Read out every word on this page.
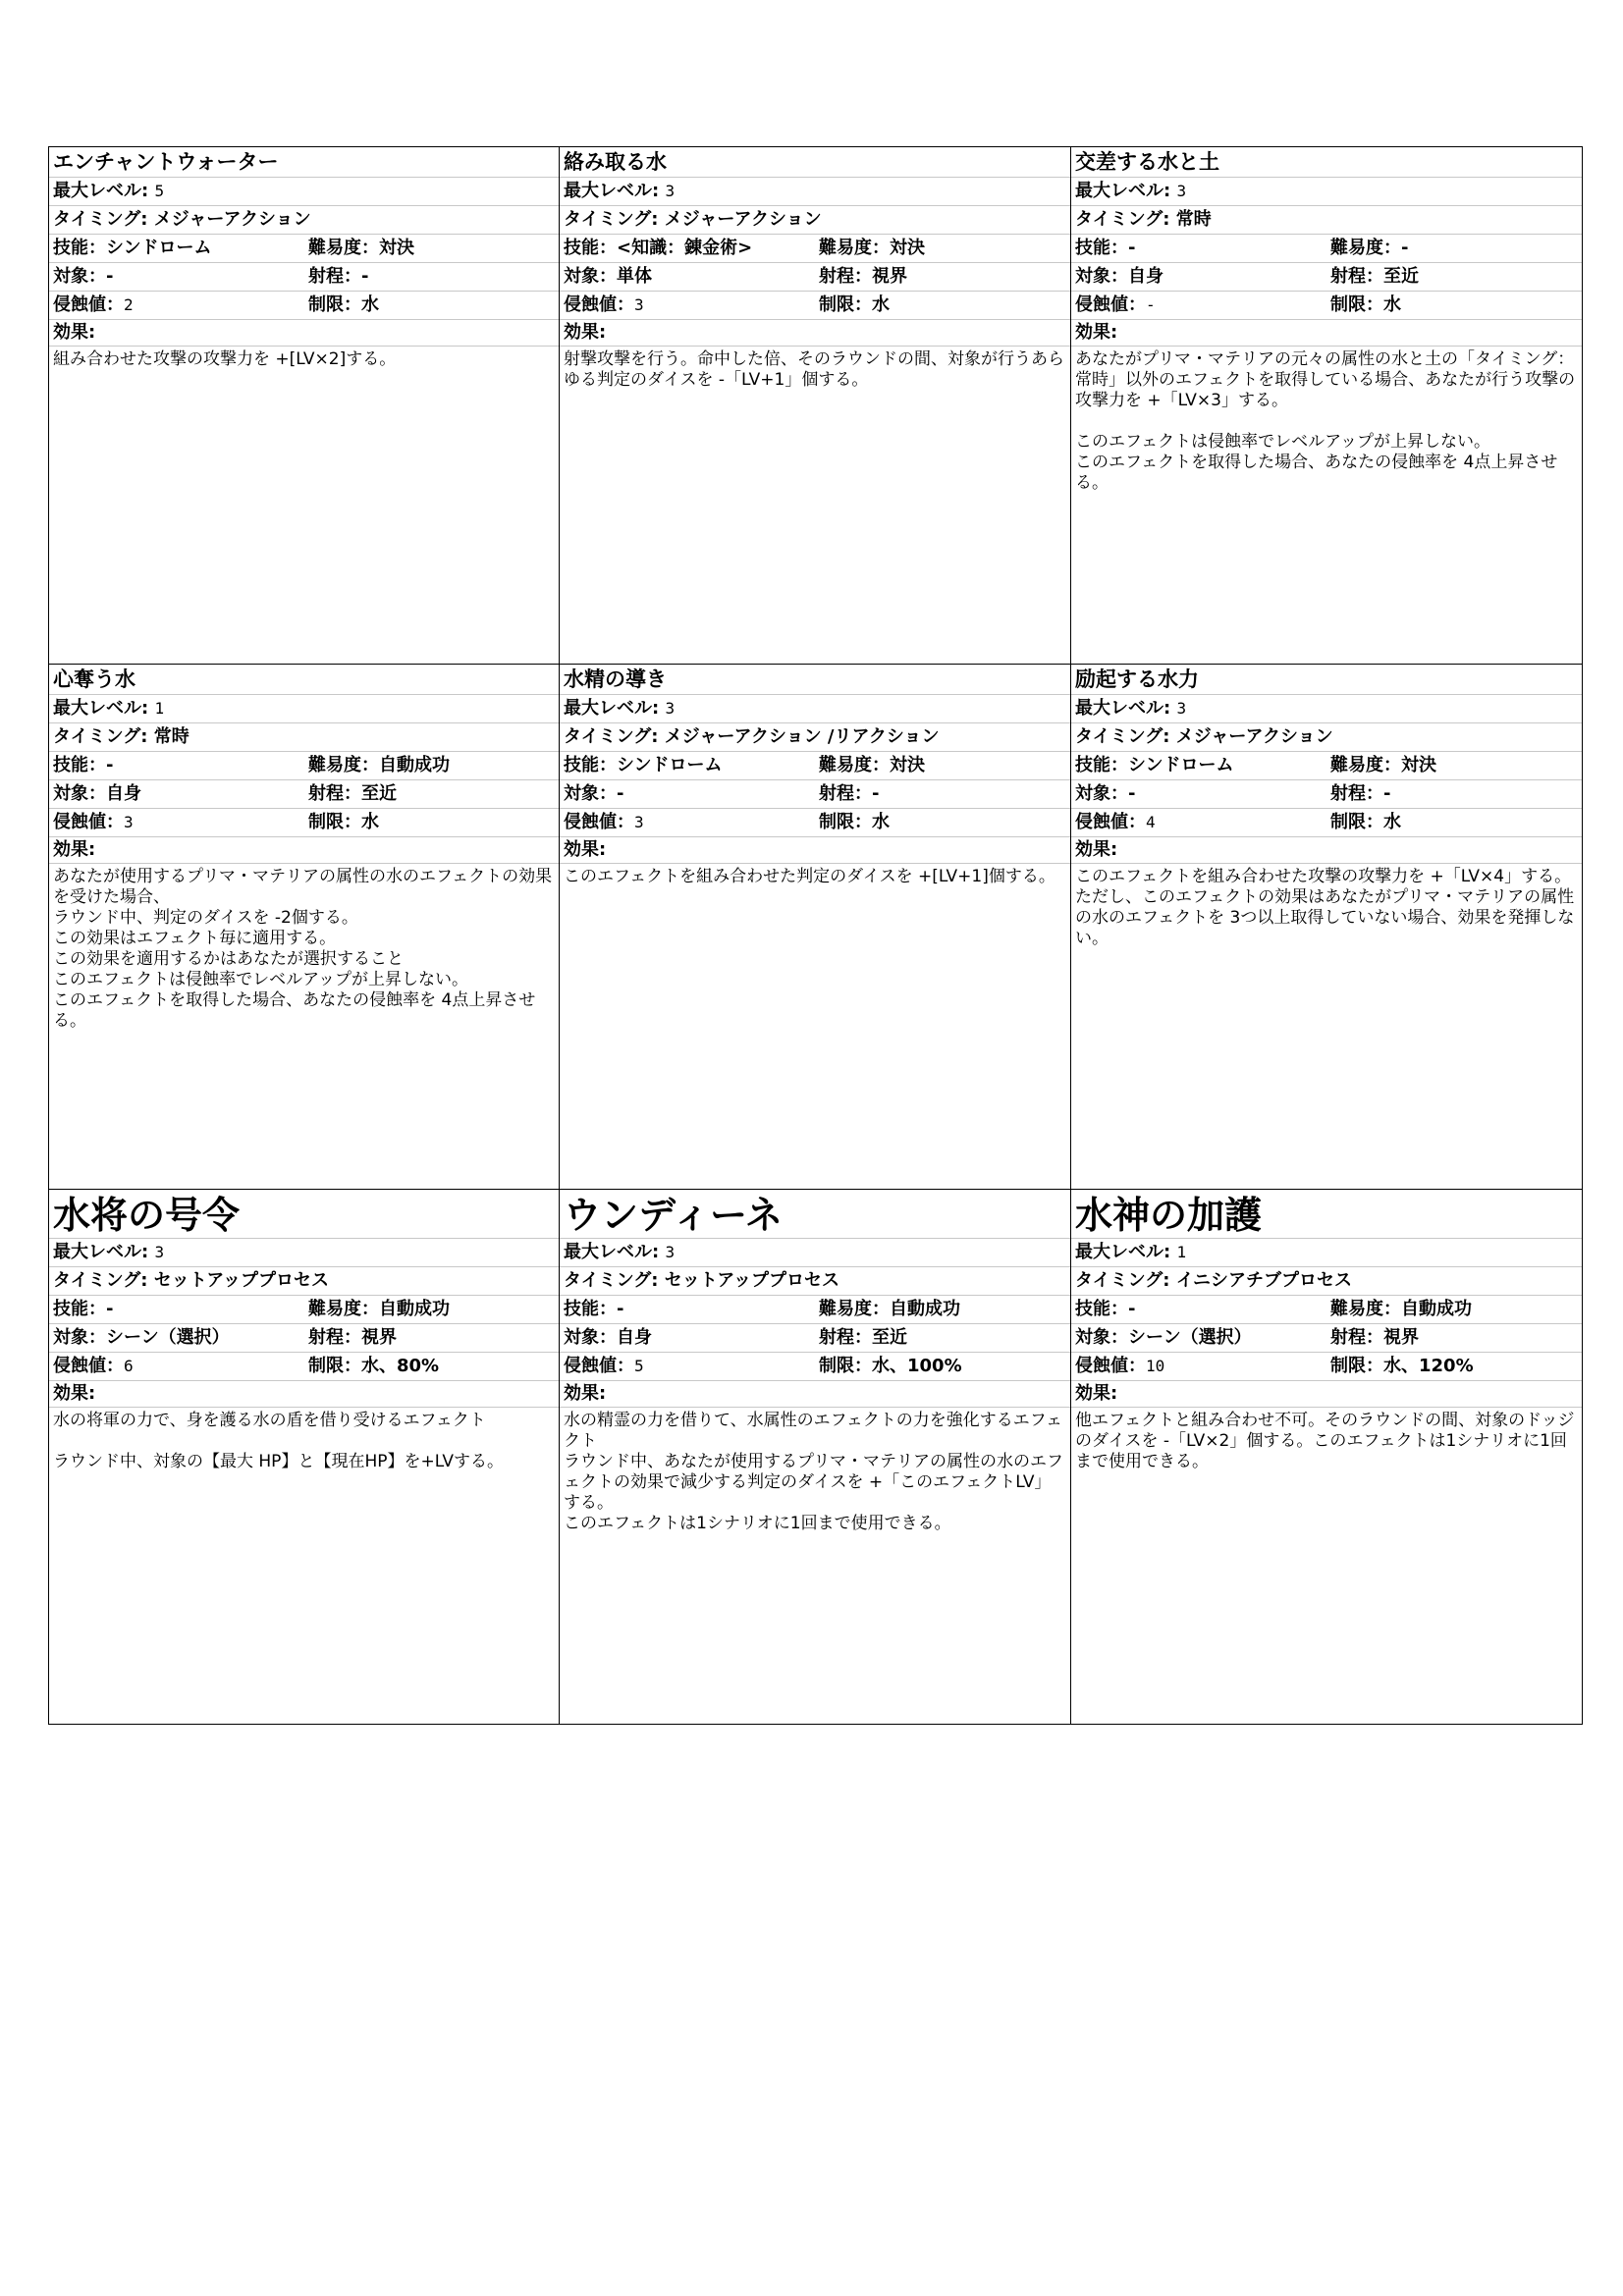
エンチャントウォーター
最大レベル: 5
タイミング: メジャーアクション
技能：シンドローム	難易度：対決
対象：-	射程：-
侵蝕値：2	制限：水
効果:
組み合わせた攻撃の攻撃力を +[LV×2]する。
絡み取る水
最大レベル: 3
タイミング: メジャーアクション
技能：<知識：錬金術>	難易度：対決
対象：単体	射程：視界
侵蝕値：3	制限：水
効果:
射撃攻撃を行う。命中した倍、そのラウンドの間、対象が行うあらゆる判定のダイスを -「LV+1」個する。
交差する水と土
最大レベル: 3
タイミング: 常時
技能：-	難易度：-
対象：自身	射程：至近
侵蝕値：-	制限：水
効果:
あなたがプリマ・マテリアの元々の属性の水と土の「タイミング：常時」以外のエフェクトを取得している場合、あなたが行う攻撃の攻撃力を +「LV×3」する。

このエフェクトは侵蝕率でレベルアップが上昇しない。
このエフェクトを取得した場合、あなたの侵蝕率を 4点上昇させる。
心奪う水
最大レベル: 1
タイミング: 常時
技能：-	難易度：自動成功
対象：自身	射程：至近
侵蝕値：3	制限：水
効果:
あなたが使用するプリマ・マテリアの属性の水のエフェクトの効果を受けた場合、
ラウンド中、判定のダイスを -2個する。
この効果はエフェクト毎に適用する。
この効果を適用するかはあなたが選択すること
このエフェクトは侵蝕率でレベルアップが上昇しない。
このエフェクトを取得した場合、あなたの侵蝕率を 4点上昇させる。
水精の導き
最大レベル: 3
タイミング: メジャーアクション /リアクション
技能：シンドローム	難易度：対決
対象：-	射程：-
侵蝕値：3	制限：水
効果:
このエフェクトを組み合わせた判定のダイスを +[LV+1]個する。
励起する水力
最大レベル: 3
タイミング: メジャーアクション
技能：シンドローム	難易度：対決
対象：-	射程：-
侵蝕値：4	制限：水
効果:
このエフェクトを組み合わせた攻撃の攻撃力を +「LV×4」する。
ただし、このエフェクトの効果はあなたがプリマ・マテリアの属性の水のエフェクトを 3つ以上取得していない場合、効果を発揮しない。
水将の号令
最大レベル: 3
タイミング: セットアッププロセス
技能：-	難易度：自動成功
対象：シーン（選択）	射程：視界
侵蝕値：6	制限：水、80%
効果:
水の将軍の力で、身を護る水の盾を借り受けるエフェクト

ラウンド中、対象の【最大 HP】と【現在HP】を+LVする。
ウンディーネ
最大レベル: 3
タイミング: セットアッププロセス
技能：-	難易度：自動成功
対象：自身	射程：至近
侵蝕値：5	制限：水、100%
効果:
水の精霊の力を借りて、水属性のエフェクトの力を強化するエフェクト
ラウンド中、あなたが使用するプリマ・マテリアの属性の水のエフェクトの効果で減少する判定のダイスを +「このエフェクトLV」する。
このエフェクトは1シナリオに1回まで使用できる。
水神の加護
最大レベル: 1
タイミング: イニシアチブプロセス
技能：-	難易度：自動成功
対象：シーン（選択）	射程：視界
侵蝕値：10	制限：水、120%
効果:
他エフェクトと組み合わせ不可。そのラウンドの間、対象のドッジのダイスを -「LV×2」個する。このエフェクトは1シナリオに1回まで使用できる。
